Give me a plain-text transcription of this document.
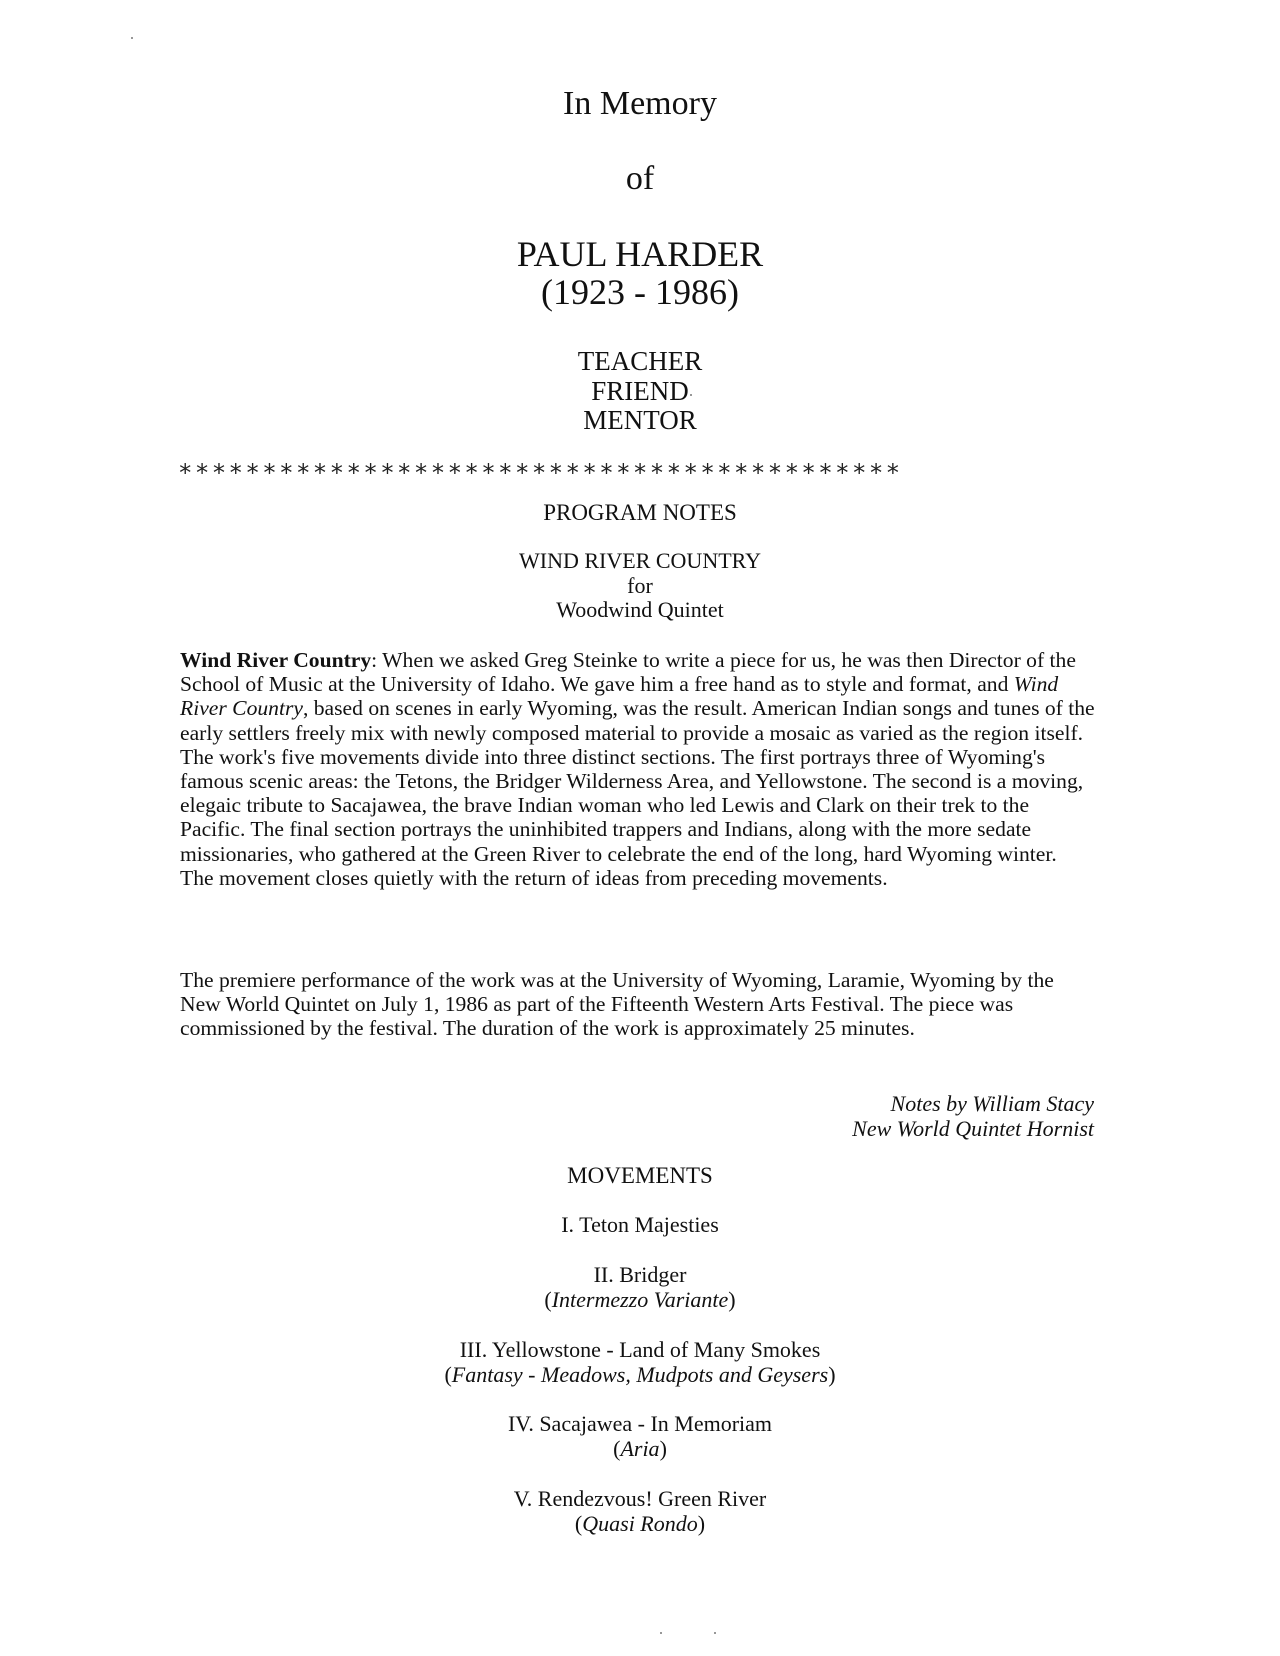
In Memory
of
PAUL HARDER
(1923 - 1986)
TEACHER
FRIEND
MENTOR
*******************************************
PROGRAM NOTES
WIND RIVER COUNTRY
for
Woodwind Quintet
Wind River Country: When we asked Greg Steinke to write a piece for us, he was then Director of the School of Music at the University of Idaho. We gave him a free hand as to style and format, and Wind River Country, based on scenes in early Wyoming, was the result. American Indian songs and tunes of the early settlers freely mix with newly composed material to provide a mosaic as varied as the region itself. The work's five movements divide into three distinct sections. The first portrays three of Wyoming's famous scenic areas: the Tetons, the Bridger Wilderness Area, and Yellowstone. The second is a moving, elegaic tribute to Sacajawea, the brave Indian woman who led Lewis and Clark on their trek to the Pacific. The final section portrays the uninhibited trappers and Indians, along with the more sedate missionaries, who gathered at the Green River to celebrate the end of the long, hard Wyoming winter. The movement closes quietly with the return of ideas from preceding movements.
The premiere performance of the work was at the University of Wyoming, Laramie, Wyoming by the New World Quintet on July 1, 1986 as part of the Fifteenth Western Arts Festival. The piece was commissioned by the festival. The duration of the work is approximately 25 minutes.
Notes by William Stacy
New World Quintet Hornist
MOVEMENTS
I. Teton Majesties
II. Bridger
(Intermezzo Variante)
III. Yellowstone - Land of Many Smokes
(Fantasy - Meadows, Mudpots and Geysers)
IV. Sacajawea - In Memoriam
(Aria)
V. Rendezvous! Green River
(Quasi Rondo)
